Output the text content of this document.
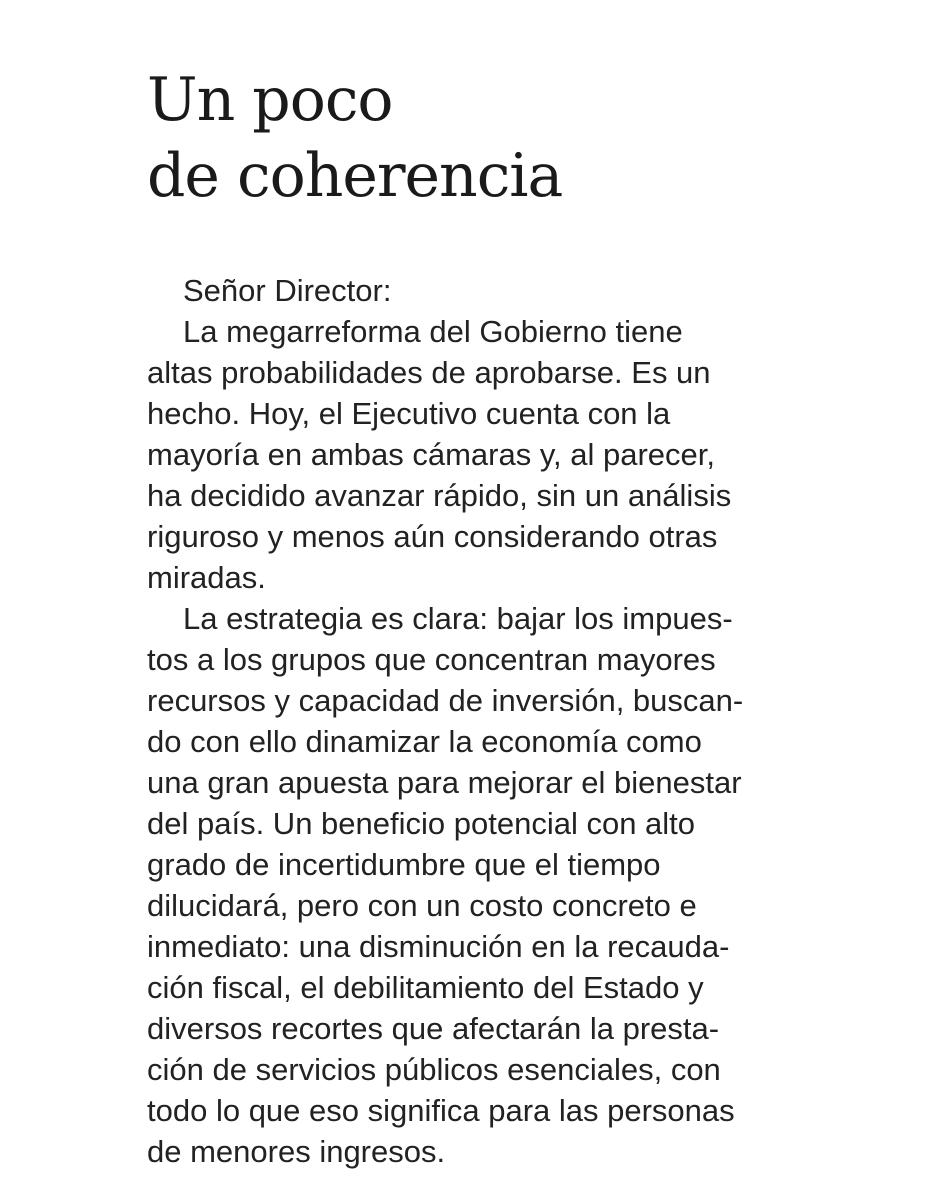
Un poco
de coherencia
Señor Director:
La megarreforma del Gobierno tiene
altas probabilidades de aprobarse. Es un
hecho. Hoy, el Ejecutivo cuenta con la
mayoría en ambas cámaras y, al parecer,
ha decidido avanzar rápido, sin un análisis
riguroso y menos aún considerando otras
miradas.
La estrategia es clara: bajar los impues-
tos a los grupos que concentran mayores
recursos y capacidad de inversión, buscan-
do con ello dinamizar la economía como
una gran apuesta para mejorar el bienestar
del país. Un beneficio potencial con alto
grado de incertidumbre que el tiempo
dilucidará, pero con un costo concreto e
inmediato: una disminución en la recauda-
ción fiscal, el debilitamiento del Estado y
diversos recortes que afectarán la presta-
ción de servicios públicos esenciales, con
todo lo que eso significa para las personas
de menores ingresos.
